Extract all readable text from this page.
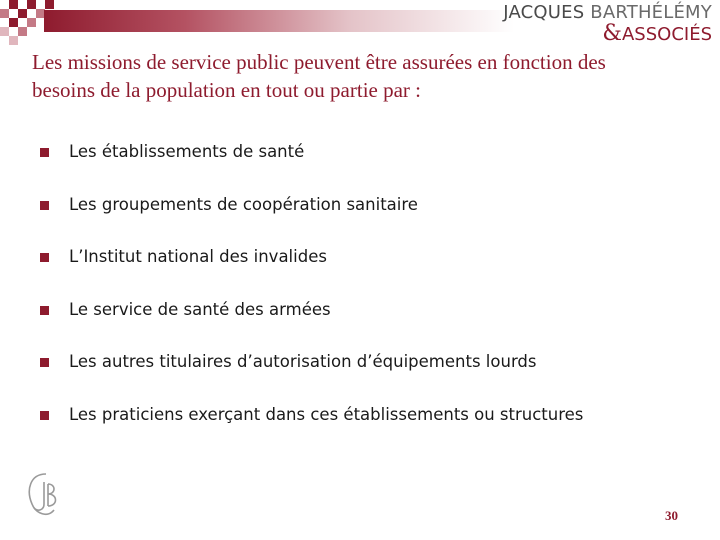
JACQUES BARTHÉLÉMY
&ASSOCIÉS
Les missions de service public peuvent être assurées en fonction des besoins de la population en tout ou partie par :
Les établissements de santé
Les groupements de coopération sanitaire
L’Institut national des invalides
Le service de santé des armées
Les autres titulaires d’autorisation d’équipements lourds
Les praticiens exerçant dans ces établissements ou structures
30
